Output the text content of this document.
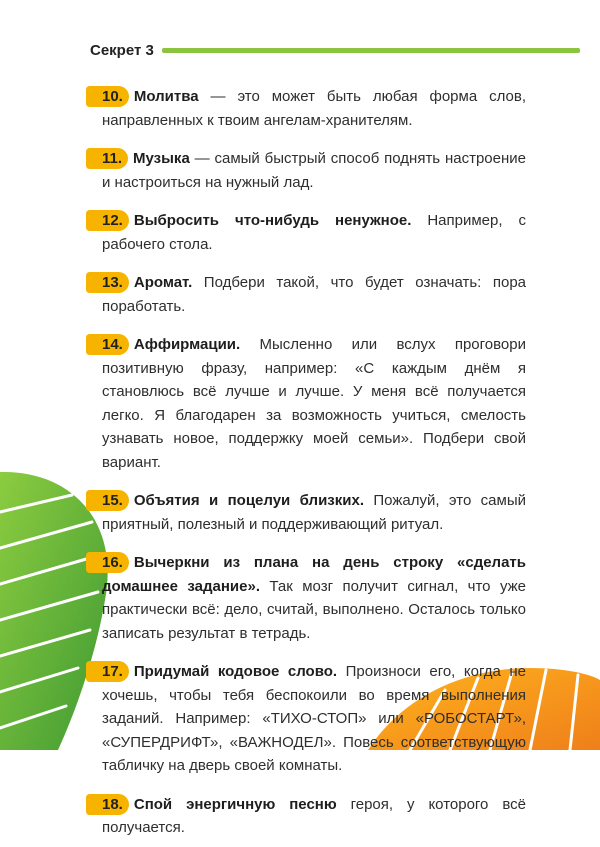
Секрет 3

10. Молитва — это может быть любая форма слов, направленных к твоим ангелам-хранителям.

11. Музыка — самый быстрый способ поднять настроение и настроиться на нужный лад.

12. Выбросить что-нибудь ненужное. Например, с рабочего стола.

13. Аромат. Подбери такой, что будет означать: пора поработать.

14. Аффирмации. Мысленно или вслух проговори позитивную фразу, например: «С каждым днём я становлюсь всё лучше и лучше. У меня всё получается легко. Я благодарен за возможность учиться, смелость узнавать новое, поддержку моей семьи». Подбери свой вариант.

15. Объятия и поцелуи близких. Пожалуй, это самый приятный, полезный и поддерживающий ритуал.

16. Вычеркни из плана на день строку «сделать домашнее задание». Так мозг получит сигнал, что уже практически всё: дело, считай, выполнено. Осталось только записать результат в тетрадь.

17. Придумай кодовое слово. Произноси его, когда не хочешь, чтобы тебя беспокоили во время выполнения заданий. Например: «ТИХО-СТОП» или «РОБОСТАРТ», «СУПЕРДРИФТ», «ВАЖНОДЕЛ». Повесь соответствующую табличку на дверь своей комнаты.

18. Спой энергичную песню героя, у которого всё получается.
